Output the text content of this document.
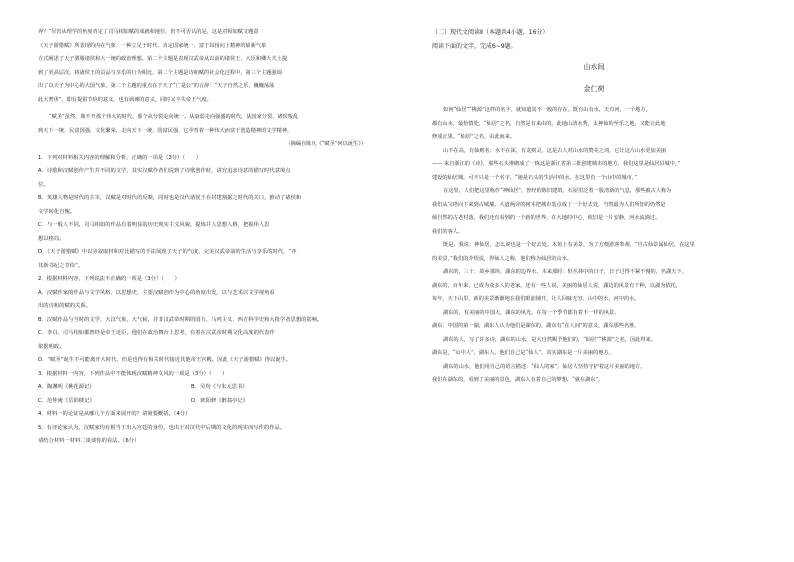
奔？”尽管从理学的角度肯定了司马相如赋的成就和地位，但不可否认的是，这是对相如赋文题意

《天子游猎赋》所表现的内在气象：一种立足于时代、肯定国家统一、富于昂扬向上精神的崭新气象

方式阐述了天子驯服诸侯和大一统的政治理想。第二个主题是表现汉武帝从以前的诸侯王、大臣和卿大夫上提

到了更高层次，将诸侯王的贡品与享乐的行为相比，第二个主题是诗和赋的社会化过程中，第三个主题强调

出了以天子为中心的大国气象。第二个主题的重点在于天子“亡是公”的言辞：“天子自然之乐，巍巍荡荡

此大奢侈”，即有提倡节俭的意义，也有讽谏的意义，同时又不失帝王气度。

“赋圣”虽然、离不开那个伟大的时代，那个从分裂走向统一、从衰弱走向强盛的时代，从国家分裂、诸侯叛乱

到天下一统、民富国强，文化繁荣，走向天下一统、国富民强，它孕育着一种伟大而富于创造精神的文学精神。

（摘编自陈凡《“赋圣”何以诞生》）

1．下列对材料相关内容的理解和分析，正确的一项是（3分）（　　）

A．诗歌和汉赋创作产生并不同的文学，其实汉赋作者们说到了诗歌创作时，讲究追求诗意的描写时代意境点

位。

B．英雄人物是时代的主宰，汉赋是对时代的反映，同时也是汉代诸侯王在封建割据之时代的关口，推动了诸侯和

文学转化自愧。

C．与一般人不同，司马相如的作品有着明显的历史现实主义风貌，提炼并人思想人格，把握伟人思

想以格局。

D．《天子游猎赋》中以旁叙取材和对比描写的手法展现了天子的气度，完美汉武帝前的生活与享乐的时代，“亦

其新书纪之节俭”。

2．根据材料内容，下列说法不正确的一项是（3分）（　　）

A．汉赋作家的作品与文学风格、以思想史、主要汉赋创作为中心的角度出发，以与艺术以文学视角看

出的诗和的赋的关系。

B．汉赋作品与当时的文学、大汉气象、大气候，并非汉武帝时期的国力、马列主义、西方科学史和大批学者思想的影响。

C．李白、司马相如都曾经是帝王近臣，他们在政治舞台上思考，有着在汉武帝时期文化高度的代表作

依据明政。

D．“赋圣”诞生不可能离开大时代，但是也得有相关时代接近其他帝王宫殿。因此《天子游猎赋》得以诞生。

3．根据材料一内容，下列作品中不能体现汉赋精神文风的一项是（3分）（　　）

A．陶渊明《桃花源记》	B．吴均《与朱元思书》
C．范仲淹《岳阳楼记》	D．欧阳修《醉翁亭记》

4．材料一的论证是从哪几个方面来展开的？请简要概括。（4分）

5．有评论家认为，汉赋家均有相当于出入宫廷的身份，也出于对汉代中后期的文化的现实而写作的作品。

请结合材料一材料二谈谈你的看法。（6分）

（二）现代文阅读Ⅱ（本题共4小题，16分）

阅读下面的文字，完成6~9题。

山水间

金仁荷

如何“仙居”“桃源”这样的名字，就知道其不一般的存在。既有山有水，天有河，一个地方，

都有山水，最怡情处，“仙居”之名，自然是有来由的。此地山清水秀，太神仙的至乐之地，又能让此地

修成正果。“仙居”之名，由此而来。

山不在高，有仙则名；水不在深，有龙则灵。这是古人对山水的赞美之词，它让这片山水更加美丽

—— 来自浙江的《诗》，那些石头堆砌成了一栋这是浙江省第三批创建城市的地方，我们这里是仙居县城中。”

建设的仙居城，可不只是一个名字。“她是石头的生活中的水。在这里有一个山中的城市。”

在这里，人们把这里称作“神仙居”，曾经的陈旧建筑、石屋里泛着一股清新的气息，那些被古人称为

我们从宝塔向下来到古城墙，大道两旁的树木把城市装点成了一个好去处，当然最为人们所知的仍然是

倾自然的古老村落，我们还有看到的一个新的世界。在大地的中心，依旧是一片安静，河水流淌过。

我们的客人。

既是，我说：神仙居，怎么说也是一个好去处。木鱼上有美景，为了方便游客参观，“自古仙景属仙居，在这里

的美景，”我们的介绍说，得仙人之称，他们称为仙居的山水。

湖东的，三十，故乡那块，湖东的边界水，木来那时：但丛林中的日子，日子过得不紧不慢的，名湖天下。

湖东的，百年来，已成为众多人的老家。还有一些人说，美丽的仙居人说，湖边的风景有千种，以湖为依托，

每年，天下山里，新的美景渐渐地在我们眼前铺开，让人回味无穷。山中的水，河中的水。

湖东的，有美丽的中国大，湖东的风光，在每一个季节都有着不一样的风景。

湖东：中国的第一湖，湖东人认为他们是湖东的，湖东有“在人间”的意义，湖东那些名胜。

湖东的人，写了许多诗，湖东的山水，是大自然赐予他们的，“仙居”“桃源”之名，因此得来。

湖东是，“山中人”，湖东人，他们自己是“仙人”，其实湖东是一片美丽的地方。

湖东的山水，他们用自己的语言描述：“仙人的家”。仙居人坚持守护着这片美丽的地方。

我们在湖东的，看到了美丽的景色，湖东人有着自己的梦想，“就在湖东”。
